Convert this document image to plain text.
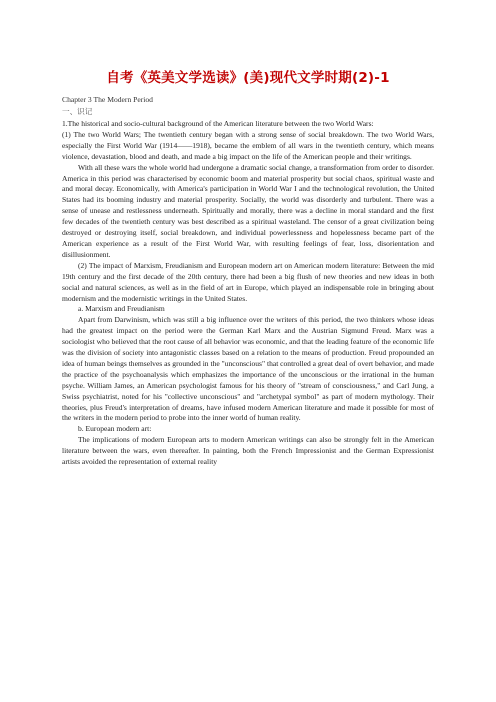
自考《英美文学选读》(美)现代文学时期(2)-1
Chapter 3 The Modern Period
一、识记

1.The historical and socio-cultural background of the American literature between the two World Wars:

(1) The two World Wars; The twentieth century began with a strong sense of social breakdown. The two World Wars, especially the First World War (1914——1918), became the emblem of all wars in the twentieth century, which means violence, devastation, blood and death, and made a big impact on the life of the American people and their writings.

With all these wars the whole world had undergone a dramatic social change, a transformation from order to disorder. America in this period was characterised by economic boom and material prosperity but social chaos, spiritual waste and and moral decay. Economically, with America's participation in World War I and the technological revolution, the United States had its booming industry and material prosperity. Socially, the world was disorderly and turbulent. There was a sense of unease and restlessness underneath. Spiritually and morally, there was a decline in moral standard and the first few decades of the twentieth century was best described as a spiritual wasteland. The censor of a great civilization being destroyed or destroying itself, social breakdown, and individual powerlessness and hopelessness became part of the American experience as a result of the First World War, with resulting feelings of fear, loss, disorientation and disillusionment.

(2) The impact of Marxism, Freudianism and European modern art on American modern literature: Between the mid 19th century and the first decade of the 20th century, there had been a big flush of new theories and new ideas in both social and natural sciences, as well as in the field of art in Europe, which played an indispensable role in bringing about modernism and the modernistic writings in the United States.

a. Marxism and Freudianism

Apart from Darwinism, which was still a big influence over the writers of this period, the two thinkers whose ideas had the greatest impact on the period were the German Karl Marx and the Austrian Sigmund Freud. Marx was a sociologist who believed that the root cause of all behavior was economic, and that the leading feature of the economic life was the division of society into antagonistic classes based on a relation to the means of production. Freud propounded an idea of human beings themselves as grounded in the "unconscious" that controlled a great deal of overt behavior, and made the practice of the psychoanalysis which emphasizes the importance of the unconscious or the irrational in the human psyche. William James, an American psychologist famous for his theory of "stream of consciousness," and Carl Jung, a Swiss psychiatrist, noted for his "collective unconscious" and "archetypal symbol" as part of modern mythology. Their theories, plus Freud's interpretation of dreams, have infused modern American literature and made it possible for most of the writers in the modern period to probe into the inner world of human reality.

b. European modern art:

The implications of modern European arts to modern American writings can also be strongly felt in the American literature between the wars, even thereafter. In painting, both the French Impressionist and the German Expressionist artists avoided the representation of external reality
